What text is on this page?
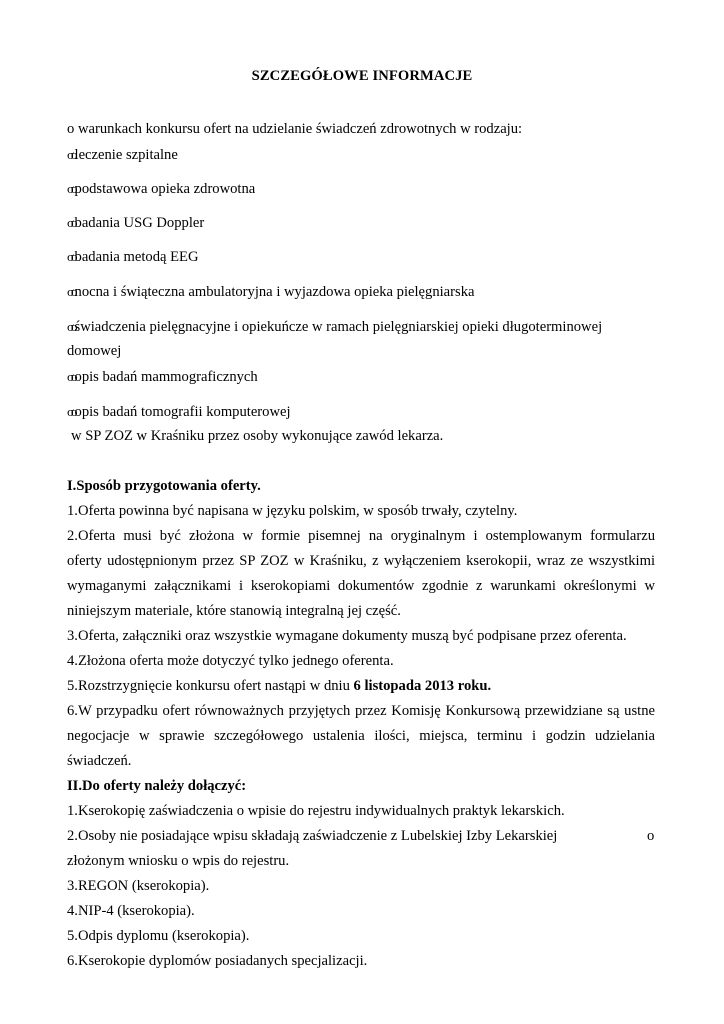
SZCZEGÓŁOWE INFORMACJE
o warunkach konkursu ofert na udzielanie świadczeń zdrowotnych w rodzaju:
σοleczenie szpitalne
σοpodstawowa opieka zdrowotna
σοbadania USG Doppler
σοbadania metodą EEG
σοnocna i świąteczna ambulatoryjna i wyjazdowa opieka pielęgniarska
σοświadczenia pielęgnacyjne i opiekuńcze w ramach pielęgniarskiej opieki długoterminowej
domowej
σοopis badań mammograficznych
σοopis badań tomografii komputerowej
w SP ZOZ w Kraśniku przez osoby wykonujące zawód lekarza.
I.Sposób przygotowania oferty.
1.Oferta powinna być napisana w języku polskim, w sposób trwały, czytelny.
2.Oferta musi być złożona w formie pisemnej na oryginalnym i ostemplowanym formularzu
oferty udostępnionym przez SP ZOZ w Kraśniku, z wyłączeniem kserokopii, wraz ze wszystkimi
wymaganymi załącznikami i kserokopiami dokumentów zgodnie z warunkami określonymi w
niniejszym materiale, które stanowią integralną jej część.
3.Oferta, załączniki oraz wszystkie wymagane dokumenty muszą być podpisane przez oferenta.
4.Złożona oferta może dotyczyć tylko jednego oferenta.
5.Rozstrzygnięcie konkursu ofert nastąpi w dniu 6 listopada 2013 roku.
6.W przypadku ofert równoważnych przyjętych przez Komisję Konkursową przewidziane są ustne
negocjacje w sprawie szczegółowego ustalenia ilości, miejsca, terminu i godzin udzielania
świadczeń.
II.Do oferty należy dołączyć:
1.Kserokopię zaświadczenia o wpisie do rejestru indywidualnych praktyk lekarskich.
2.Osoby nie posiadające wpisu składają zaświadczenie z Lubelskiej Izby Lekarskiej	o
złożonym wniosku o wpis do rejestru.
3.REGON (kserokopia).
4.NIP-4 (kserokopia).
5.Odpis dyplomu (kserokopia).
6.Kserokopie dyplomów posiadanych specjalizacji.
